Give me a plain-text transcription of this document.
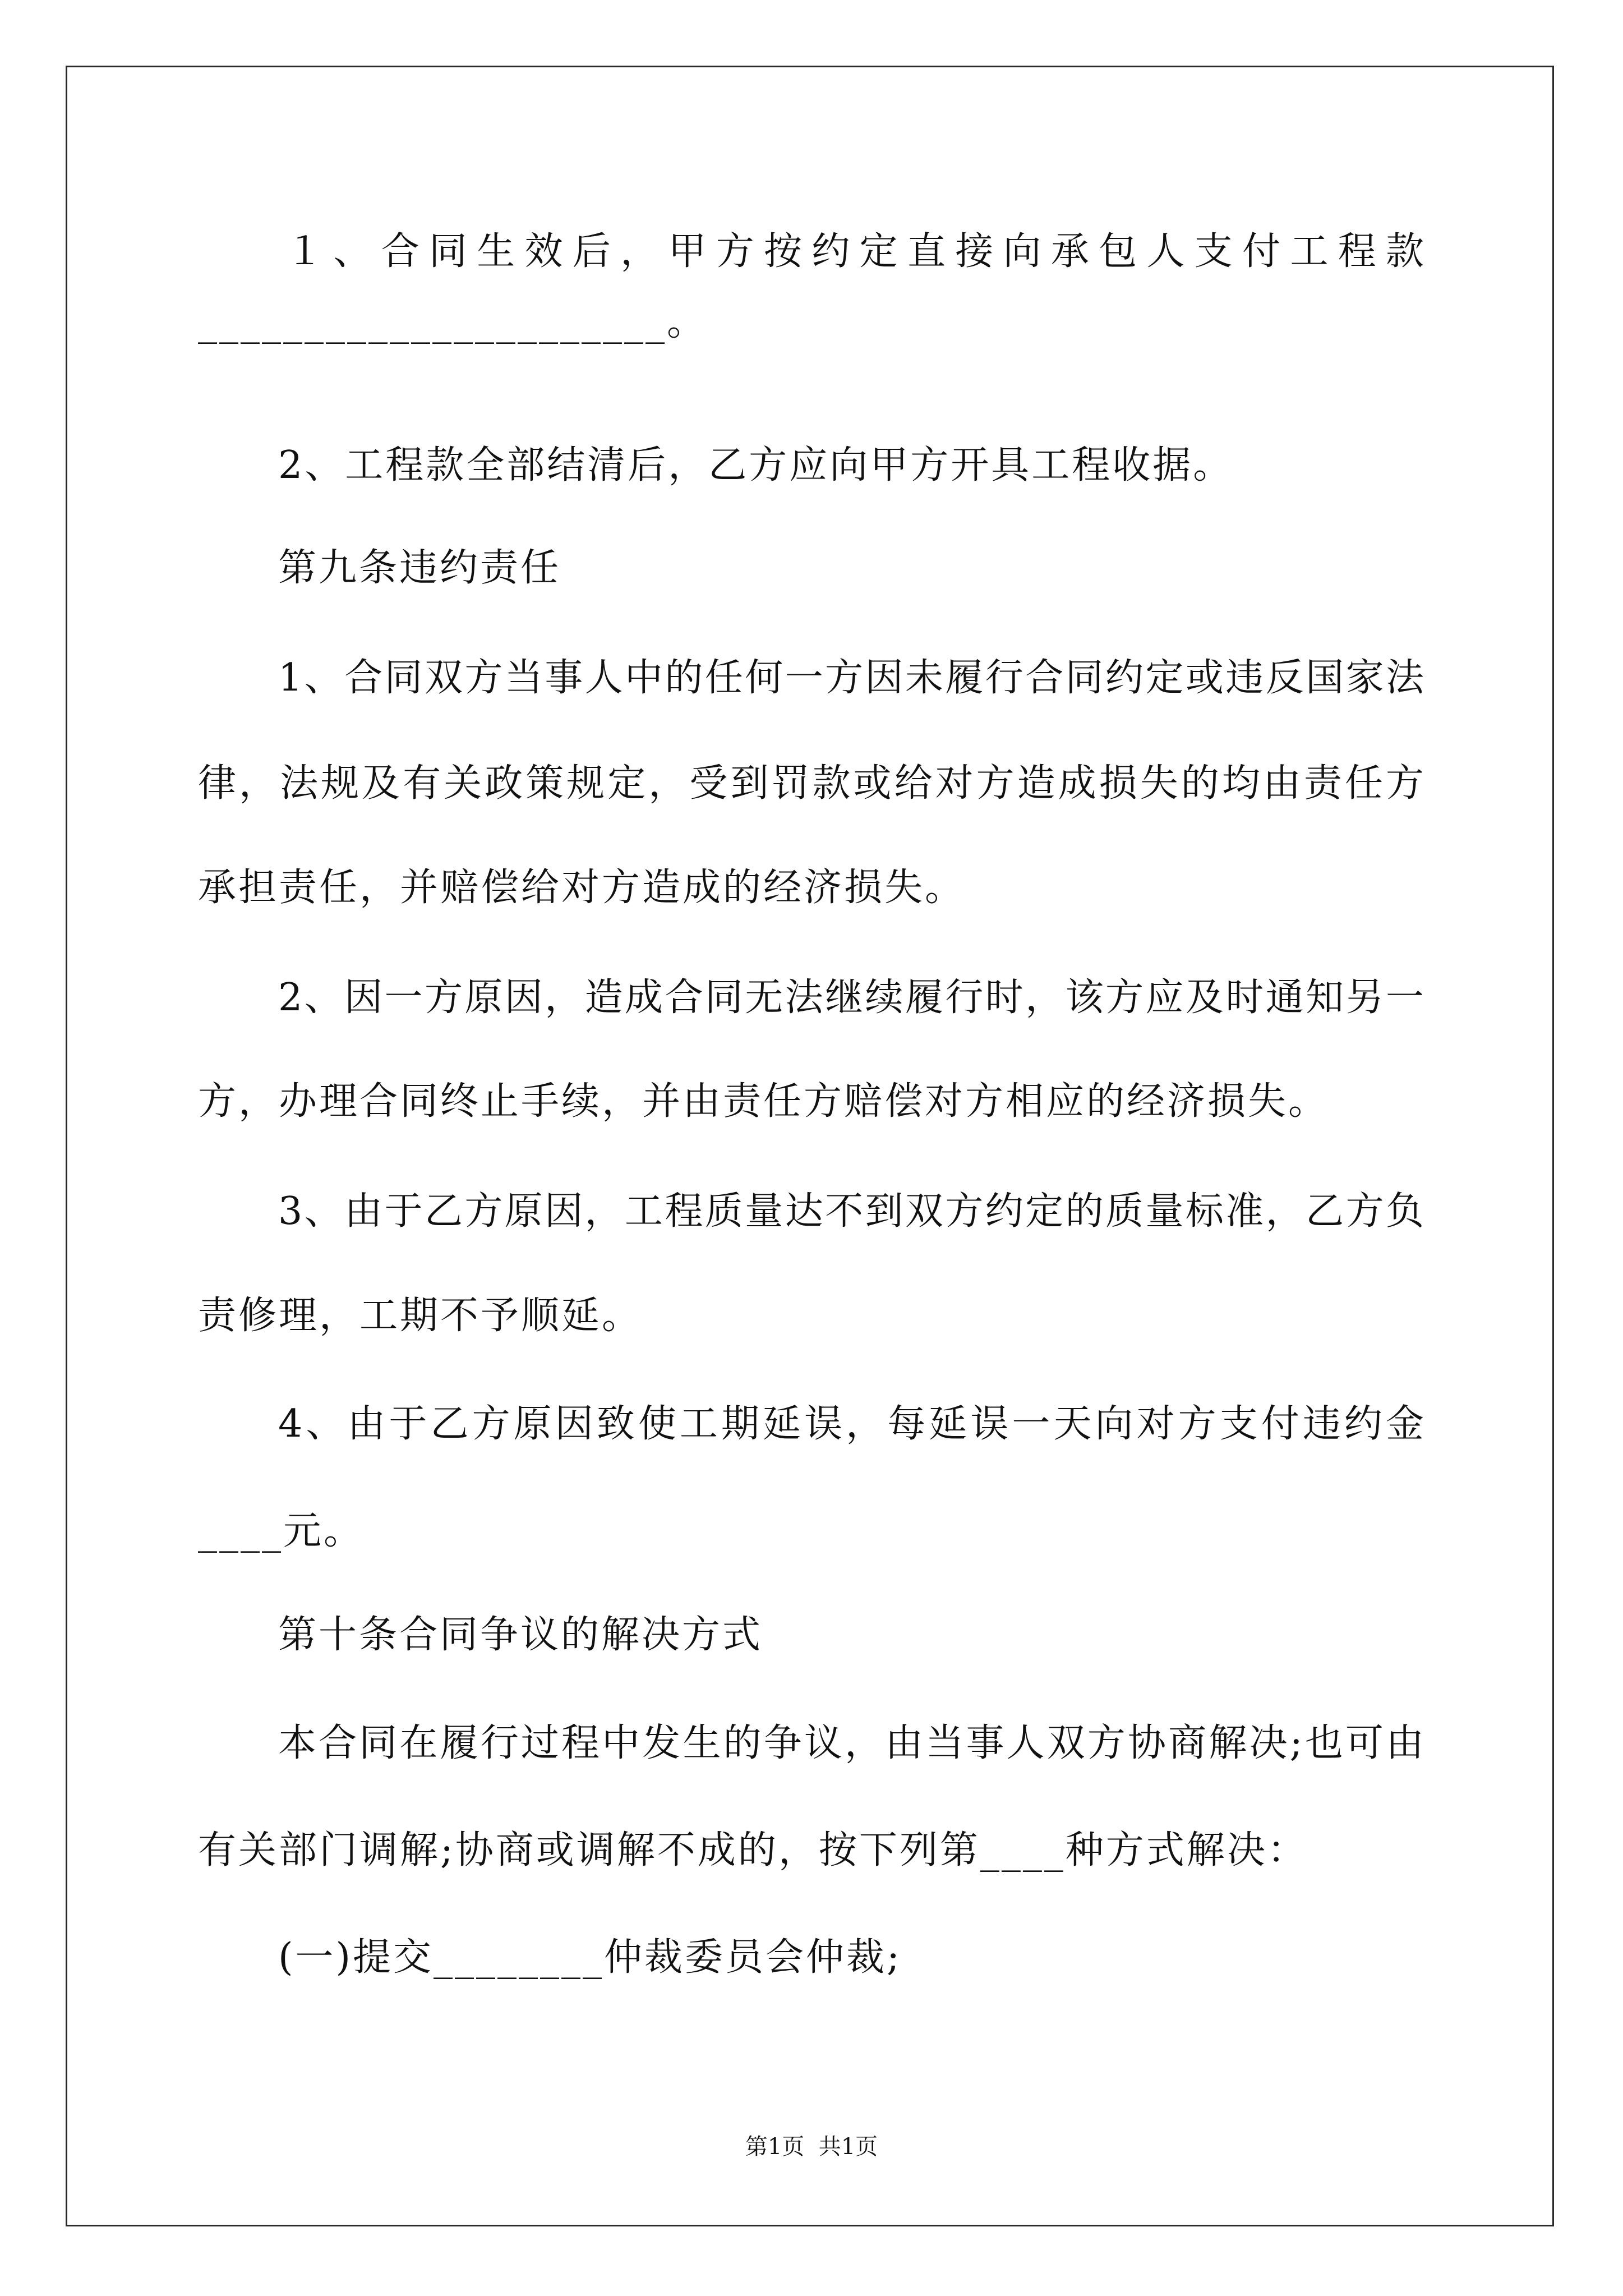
１、合同生效后，甲方按约定直接向承包人支付工程款
______________________。
2、工程款全部结清后，乙方应向甲方开具工程收据。
第九条违约责任
1、合同双方当事人中的任何一方因未履行合同约定或违反国家法
律，法规及有关政策规定，受到罚款或给对方造成损失的均由责任方
承担责任，并赔偿给对方造成的经济损失。
2、因一方原因，造成合同无法继续履行时，该方应及时通知另一
方，办理合同终止手续，并由责任方赔偿对方相应的经济损失。
3、由于乙方原因，工程质量达不到双方约定的质量标准，乙方负
责修理，工期不予顺延。
4、由于乙方原因致使工期延误，每延误一天向对方支付违约金
____元。
第十条合同争议的解决方式
本合同在履行过程中发生的争议，由当事人双方协商解决;也可由
有关部门调解;协商或调解不成的，按下列第____种方式解决：
(一)提交________仲裁委员会仲裁;
第1页  共1页
